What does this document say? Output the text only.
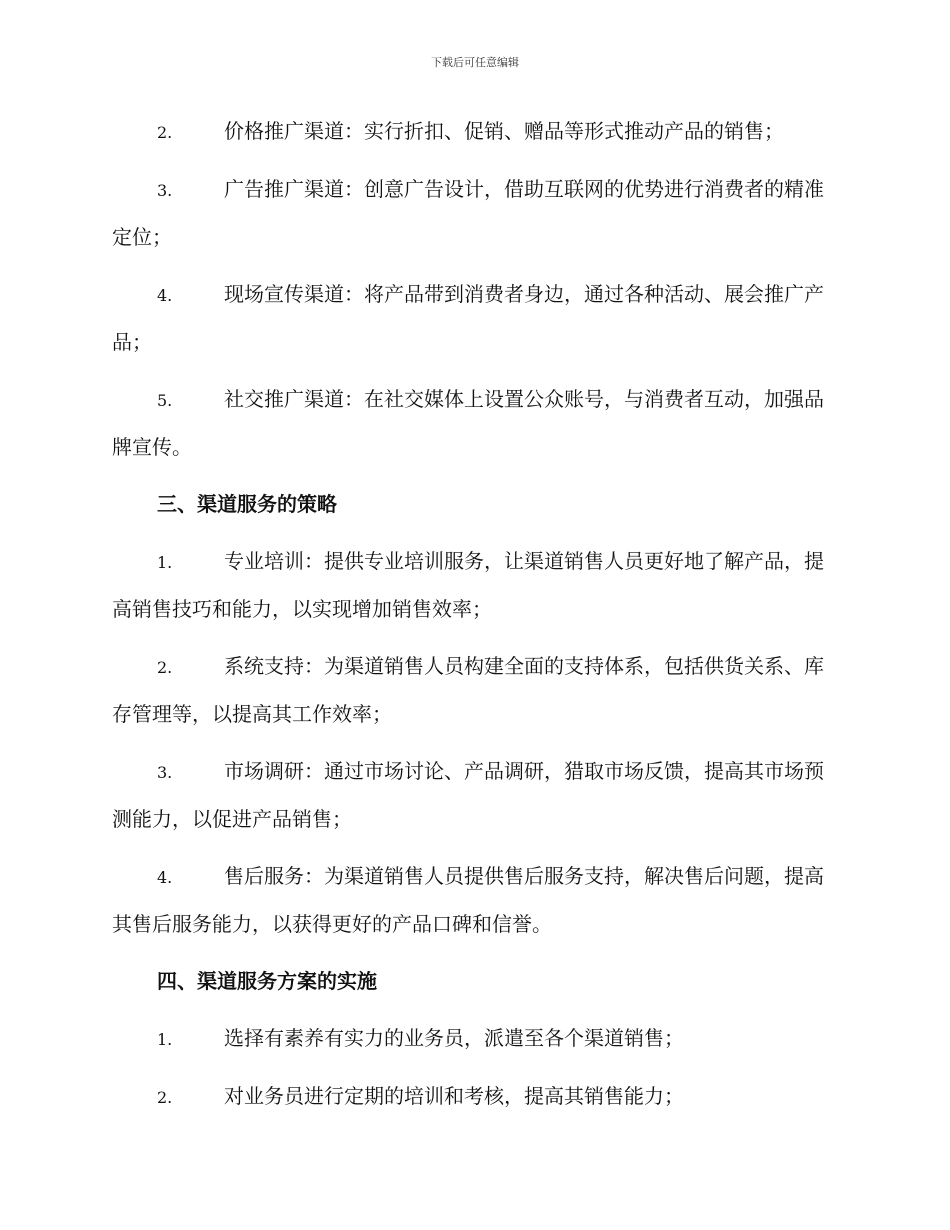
下载后可任意编辑
2.	价格推广渠道：实行折扣、促销、赠品等形式推动产品的销售；
3.	广告推广渠道：创意广告设计，借助互联网的优势进行消费者的精准定位；
4.	现场宣传渠道：将产品带到消费者身边，通过各种活动、展会推广产品；
5.	社交推广渠道：在社交媒体上设置公众账号，与消费者互动，加强品牌宣传。
三、渠道服务的策略
1.	专业培训：提供专业培训服务，让渠道销售人员更好地了解产品，提高销售技巧和能力，以实现增加销售效率；
2.	系统支持：为渠道销售人员构建全面的支持体系，包括供货关系、库存管理等，以提高其工作效率；
3.	市场调研：通过市场讨论、产品调研，猎取市场反馈，提高其市场预测能力，以促进产品销售；
4.	售后服务：为渠道销售人员提供售后服务支持，解决售后问题，提高其售后服务能力，以获得更好的产品口碑和信誉。
四、渠道服务方案的实施
1.	选择有素养有实力的业务员，派遣至各个渠道销售；
2.	对业务员进行定期的培训和考核，提高其销售能力；
